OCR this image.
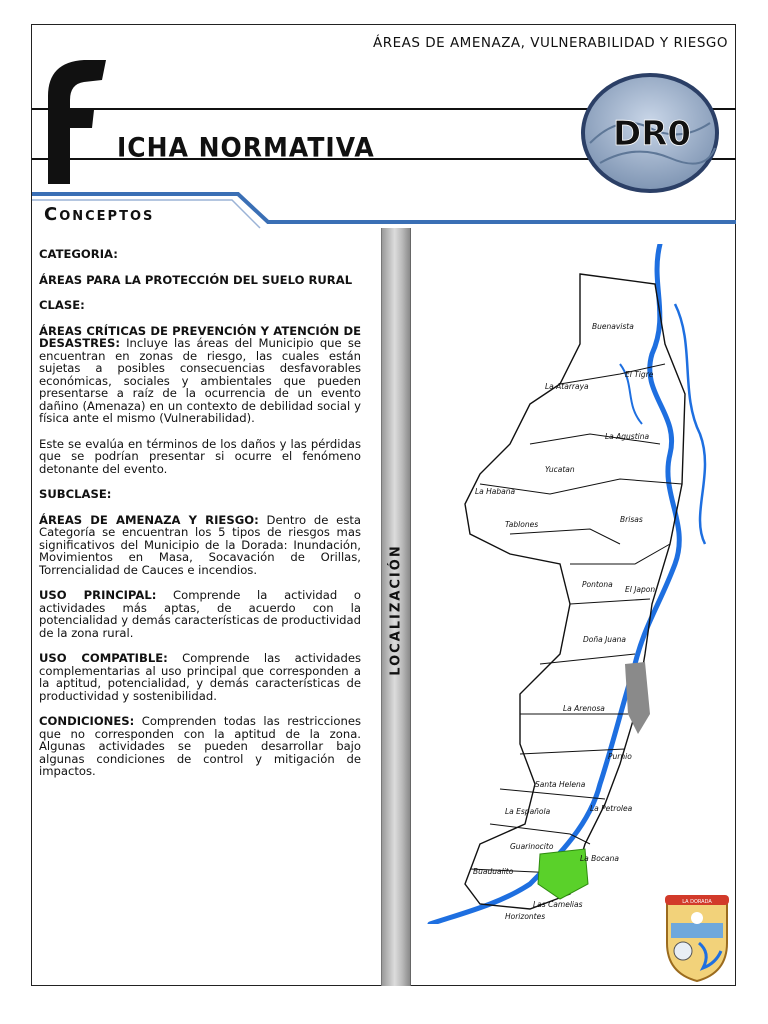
ÁREAS DE AMENAZA, VULNERABILIDAD Y RIESGO
ICHA NORMATIVA	DR0
Conceptos

CATEGORIA:

ÁREAS PARA LA PROTECCIÓN DEL SUELO RURAL

CLASE:

ÁREAS CRÍTICAS DE PREVENCIÓN Y ATENCIÓN DE DESASTRES: Incluye las áreas del Municipio que se encuentran en zonas de riesgo, las cuales están sujetas a posibles consecuencias desfavorables económicas, sociales y ambientales que pueden presentarse a raíz de la ocurrencia de un evento dañino (Amenaza) en un contexto de debilidad social y física ante el mismo (Vulnerabilidad).

Este se evalúa en términos de los daños y las pérdidas que se podrían presentar si ocurre el fenómeno detonante del evento.

SUBCLASE:

ÁREAS DE AMENAZA Y RIESGO: Dentro de esta Categoría se encuentran los 5 tipos de riesgos mas significativos del Municipio de la Dorada: Inundación, Movimientos en Masa, Socavación de Orillas, Torrencialidad de Cauces e incendios.

USO PRINCIPAL: Comprende la actividad o actividades más aptas, de acuerdo con la potencialidad y demás características de productividad de la zona rural.

USO COMPATIBLE: Comprende las actividades complementarias al uso principal que corresponden a la aptitud, potencialidad, y demás características de productividad y sostenibilidad.

CONDICIONES: Comprenden todas las restricciones que no corresponden con la aptitud de la zona. Algunas actividades se pueden desarrollar bajo algunas condiciones de control y mitigación de impactos.

LOCALIZACIÓN
Buenavista
El Tigre
La Atarraya
La Agustina
Yucatan
La Habana
Tablones
Brisas
Pontona
El Japon
Doña Juana
La Arenosa
Purnio
Santa Helena
La Española	La Petrolea
Guarinocito
La Bocana
Buadualito
Las Camelias
Horizontes
LA DORADA
